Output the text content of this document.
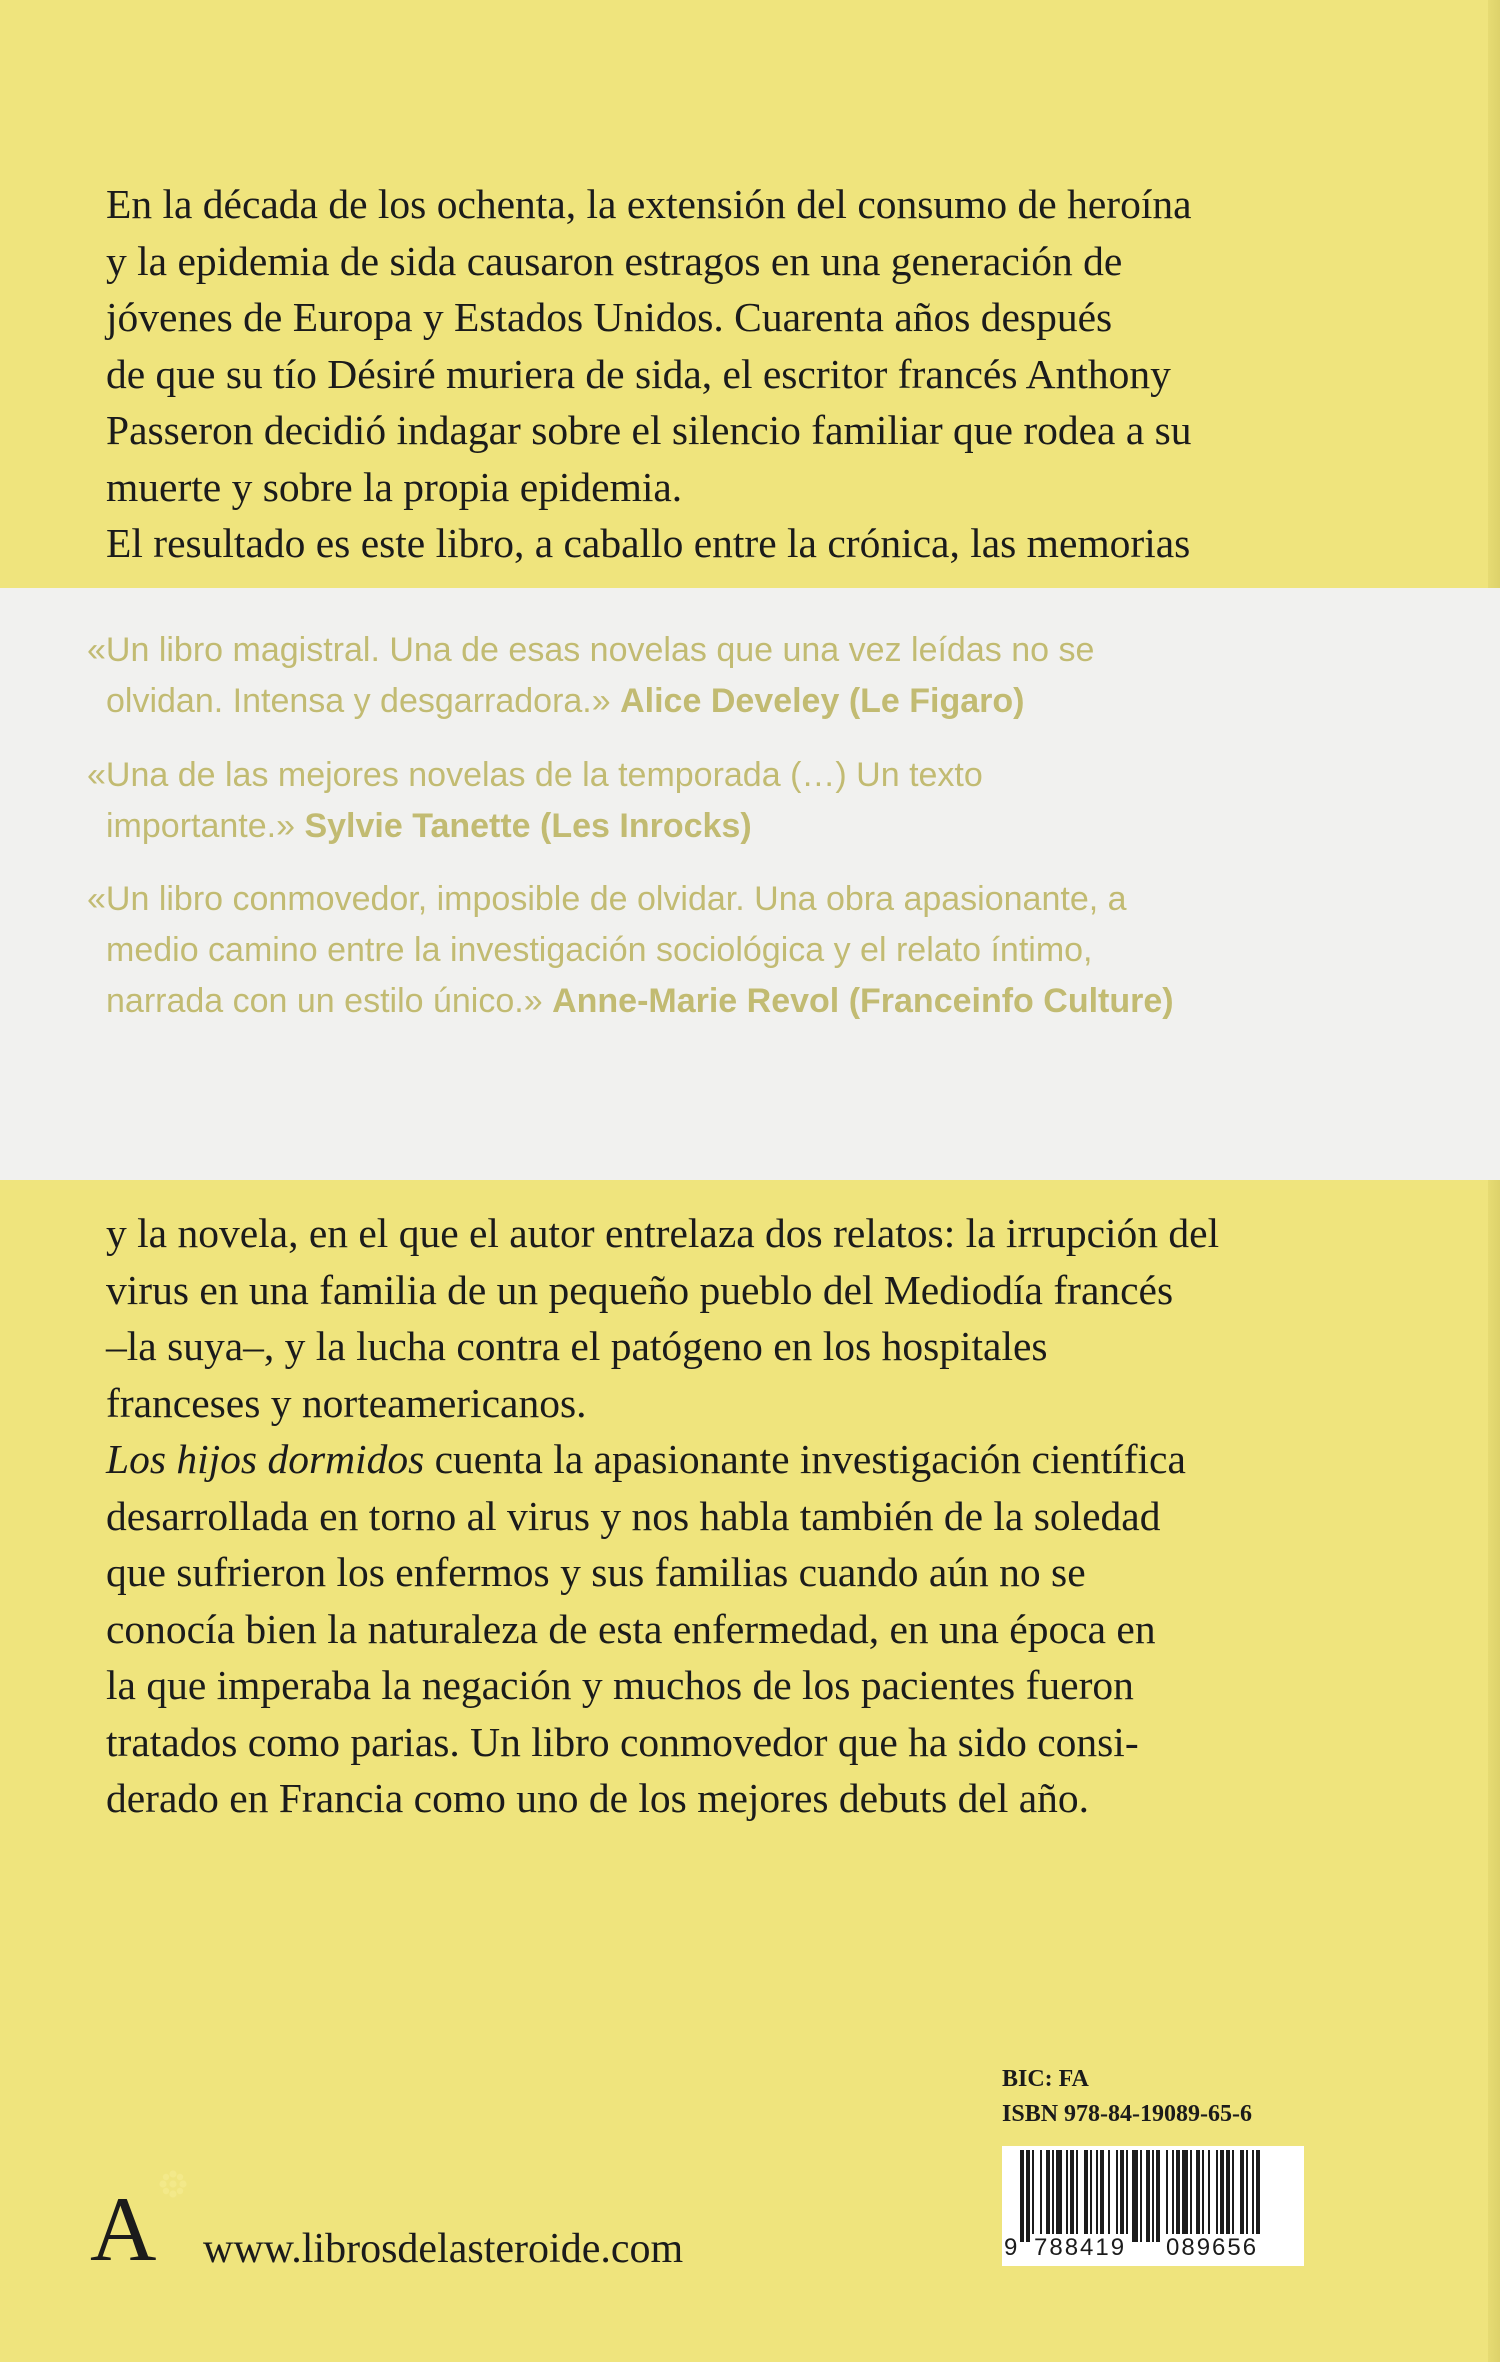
En la década de los ochenta, la extensión del consumo de heroína
y la epidemia de sida causaron estragos en una generación de
jóvenes de Europa y Estados Unidos. Cuarenta años después
de que su tío Désiré muriera de sida, el escritor francés Anthony
Passeron decidió indagar sobre el silencio familiar que rodea a su
muerte y sobre la propia epidemia.
El resultado es este libro, a caballo entre la crónica, las memorias
«Un libro magistral. Una de esas novelas que una vez leídas no se
olvidan. Intensa y desgarradora.» Alice Develey (Le Figaro)
«Una de las mejores novelas de la temporada (…) Un texto
importante.» Sylvie Tanette (Les Inrocks)
«Un libro conmovedor, imposible de olvidar. Una obra apasionante, a
medio camino entre la investigación sociológica y el relato íntimo,
narrada con un estilo único.» Anne-Marie Revol (Franceinfo Culture)
y la novela, en el que el autor entrelaza dos relatos: la irrupción del
virus en una familia de un pequeño pueblo del Mediodía francés
–la suya–, y la lucha contra el patógeno en los hospitales
franceses y norteamericanos.
Los hijos dormidos cuenta la apasionante investigación científica
desarrollada en torno al virus y nos habla también de la soledad
que sufrieron los enfermos y sus familias cuando aún no se
conocía bien la naturaleza de esta enfermedad, en una época en
la que imperaba la negación y muchos de los pacientes fueron
tratados como parias. Un libro conmovedor que ha sido consi-
derado en Francia como uno de los mejores debuts del año.
A www.librosdelasteroide.com
BIC: FA
ISBN 978-84-19089-65-6
9 788419 089656
